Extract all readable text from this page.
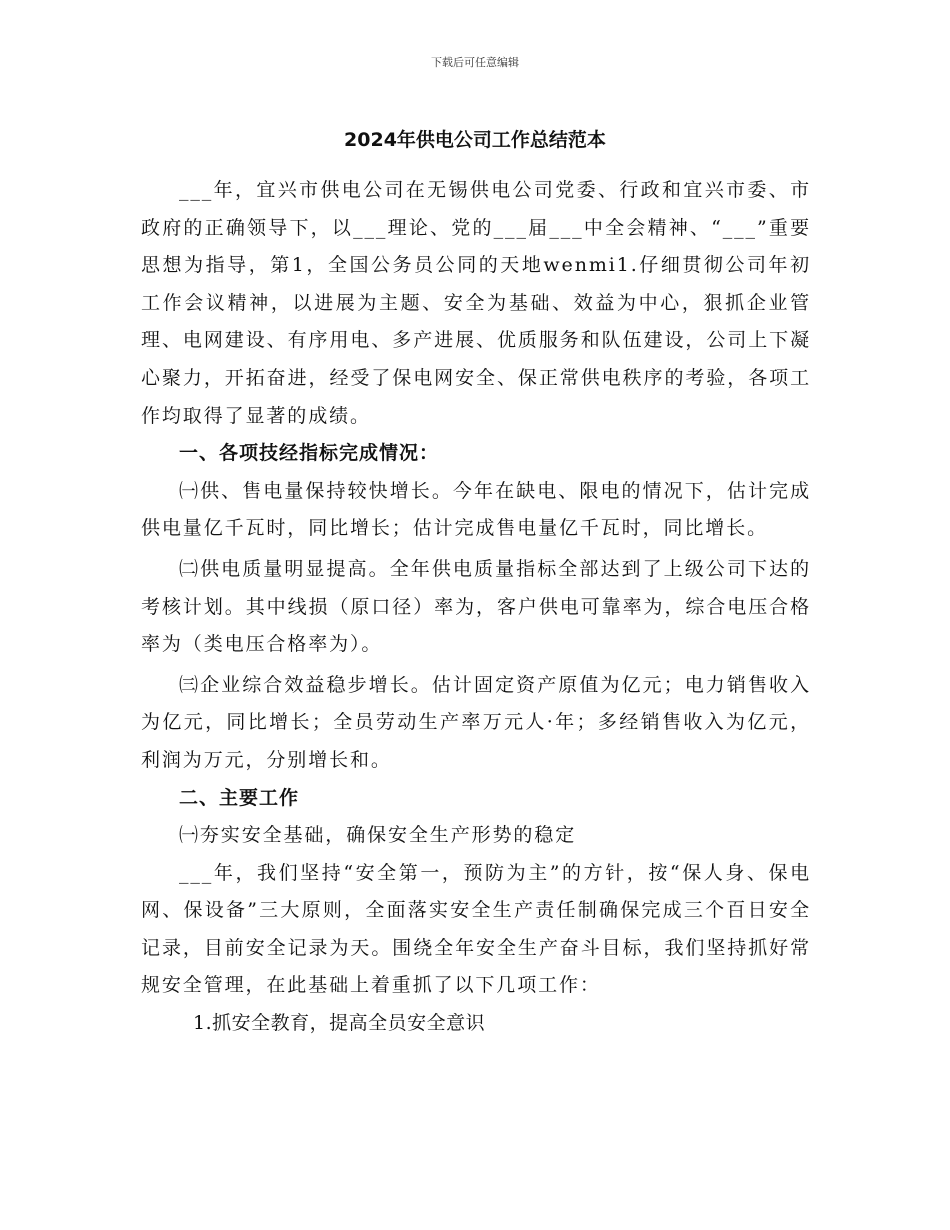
下载后可任意编辑
2024年供电公司工作总结范本

___年，宜兴市供电公司在无锡供电公司党委、行政和宜兴市委、市政府的正确领导下，以___理论、党的___届___中全会精神、“___”重要思想为指导，第1，全国公务员公同的天地wenmi1.仔细贯彻公司年初工作会议精神，以进展为主题、安全为基础、效益为中心，狠抓企业管理、电网建设、有序用电、多产进展、优质服务和队伍建设，公司上下凝心聚力，开拓奋进，经受了保电网安全、保正常供电秩序的考验，各项工作均取得了显著的成绩。

一、各项技经指标完成情况：

㈠供、售电量保持较快增长。今年在缺电、限电的情况下，估计完成供电量亿千瓦时，同比增长；估计完成售电量亿千瓦时，同比增长。

㈡供电质量明显提高。全年供电质量指标全部达到了上级公司下达的考核计划。其中线损（原口径）率为，客户供电可靠率为，综合电压合格率为（类电压合格率为）。

㈢企业综合效益稳步增长。估计固定资产原值为亿元；电力销售收入为亿元，同比增长；全员劳动生产率万元人·年；多经销售收入为亿元，利润为万元，分别增长和。

二、主要工作

㈠夯实安全基础，确保安全生产形势的稳定

___年，我们坚持“安全第一，预防为主”的方针，按“保人身、保电网、保设备”三大原则，全面落实安全生产责任制确保完成三个百日安全记录，目前安全记录为天。围绕全年安全生产奋斗目标，我们坚持抓好常规安全管理，在此基础上着重抓了以下几项工作：

1.抓安全教育，提高全员安全意识
